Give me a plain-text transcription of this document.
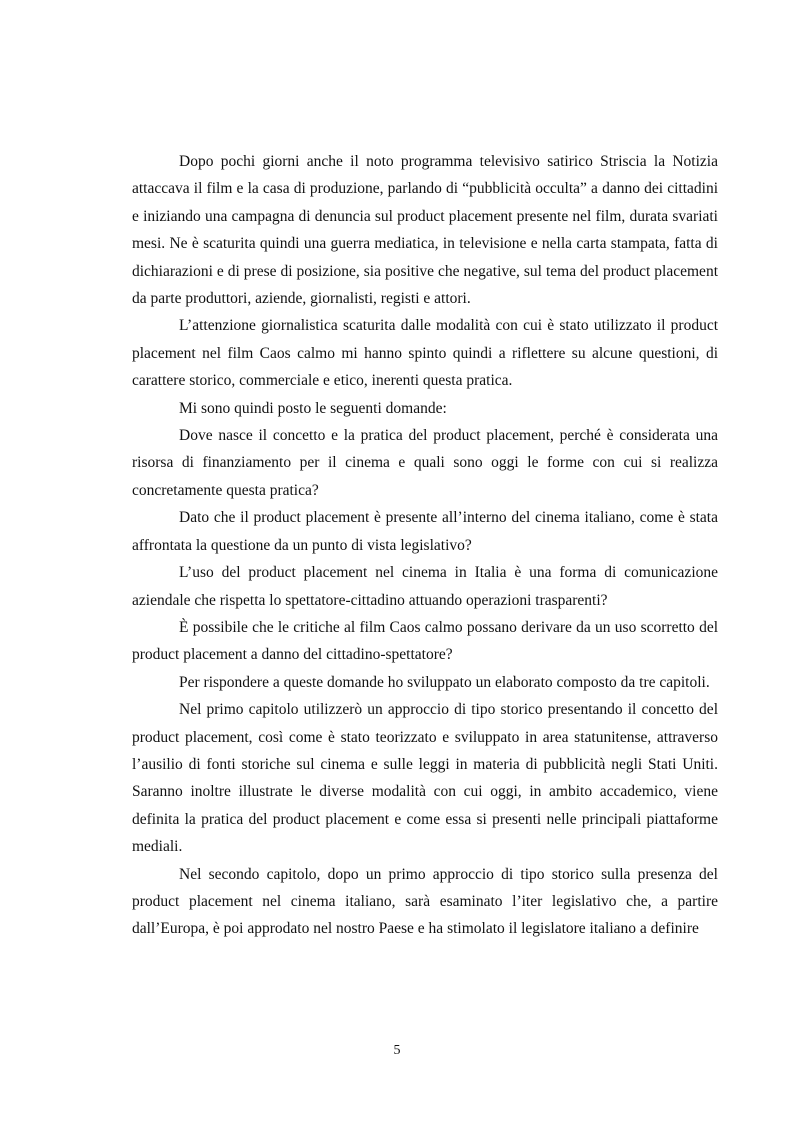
Dopo pochi giorni anche il noto programma televisivo satirico Striscia la Notizia attaccava il film e la casa di produzione, parlando di “pubblicità occulta” a danno dei cittadini e iniziando una campagna di denuncia sul product placement presente nel film, durata svariati mesi. Ne è scaturita quindi una guerra mediatica, in televisione e nella carta stampata, fatta di dichiarazioni e di prese di posizione, sia positive che negative, sul tema del product placement da parte produttori, aziende, giornalisti, registi e attori.

L’attenzione giornalistica scaturita dalle modalità con cui è stato utilizzato il product placement nel film Caos calmo mi hanno spinto quindi a riflettere su alcune questioni, di carattere storico, commerciale e etico, inerenti questa pratica.

Mi sono quindi posto le seguenti domande:

Dove nasce il concetto e la pratica del product placement, perché è considerata una risorsa di finanziamento per il cinema e quali sono oggi le forme con cui si realizza concretamente questa pratica?

Dato che il product placement è presente all’interno del cinema italiano, come è stata affrontata la questione da un punto di vista legislativo?

L’uso del product placement nel cinema in Italia è una forma di comunicazione aziendale che rispetta lo spettatore-cittadino attuando operazioni trasparenti?

È possibile che le critiche al film Caos calmo possano derivare da un uso scorretto del product placement a danno del cittadino-spettatore?

Per rispondere a queste domande ho sviluppato un elaborato composto da tre capitoli.

Nel primo capitolo utilizzerò un approccio di tipo storico presentando il concetto del product placement, così come è stato teorizzato e sviluppato in area statunitense, attraverso l’ausilio di fonti storiche sul cinema e sulle leggi in materia di pubblicità negli Stati Uniti. Saranno inoltre illustrate le diverse modalità con cui oggi, in ambito accademico, viene definita la pratica del product placement e come essa si presenti nelle principali piattaforme mediali.

Nel secondo capitolo, dopo un primo approccio di tipo storico sulla presenza del product placement nel cinema italiano, sarà esaminato l’iter legislativo che, a partire dall’Europa, è poi approdato nel nostro Paese e ha stimolato il legislatore italiano a definire

5
